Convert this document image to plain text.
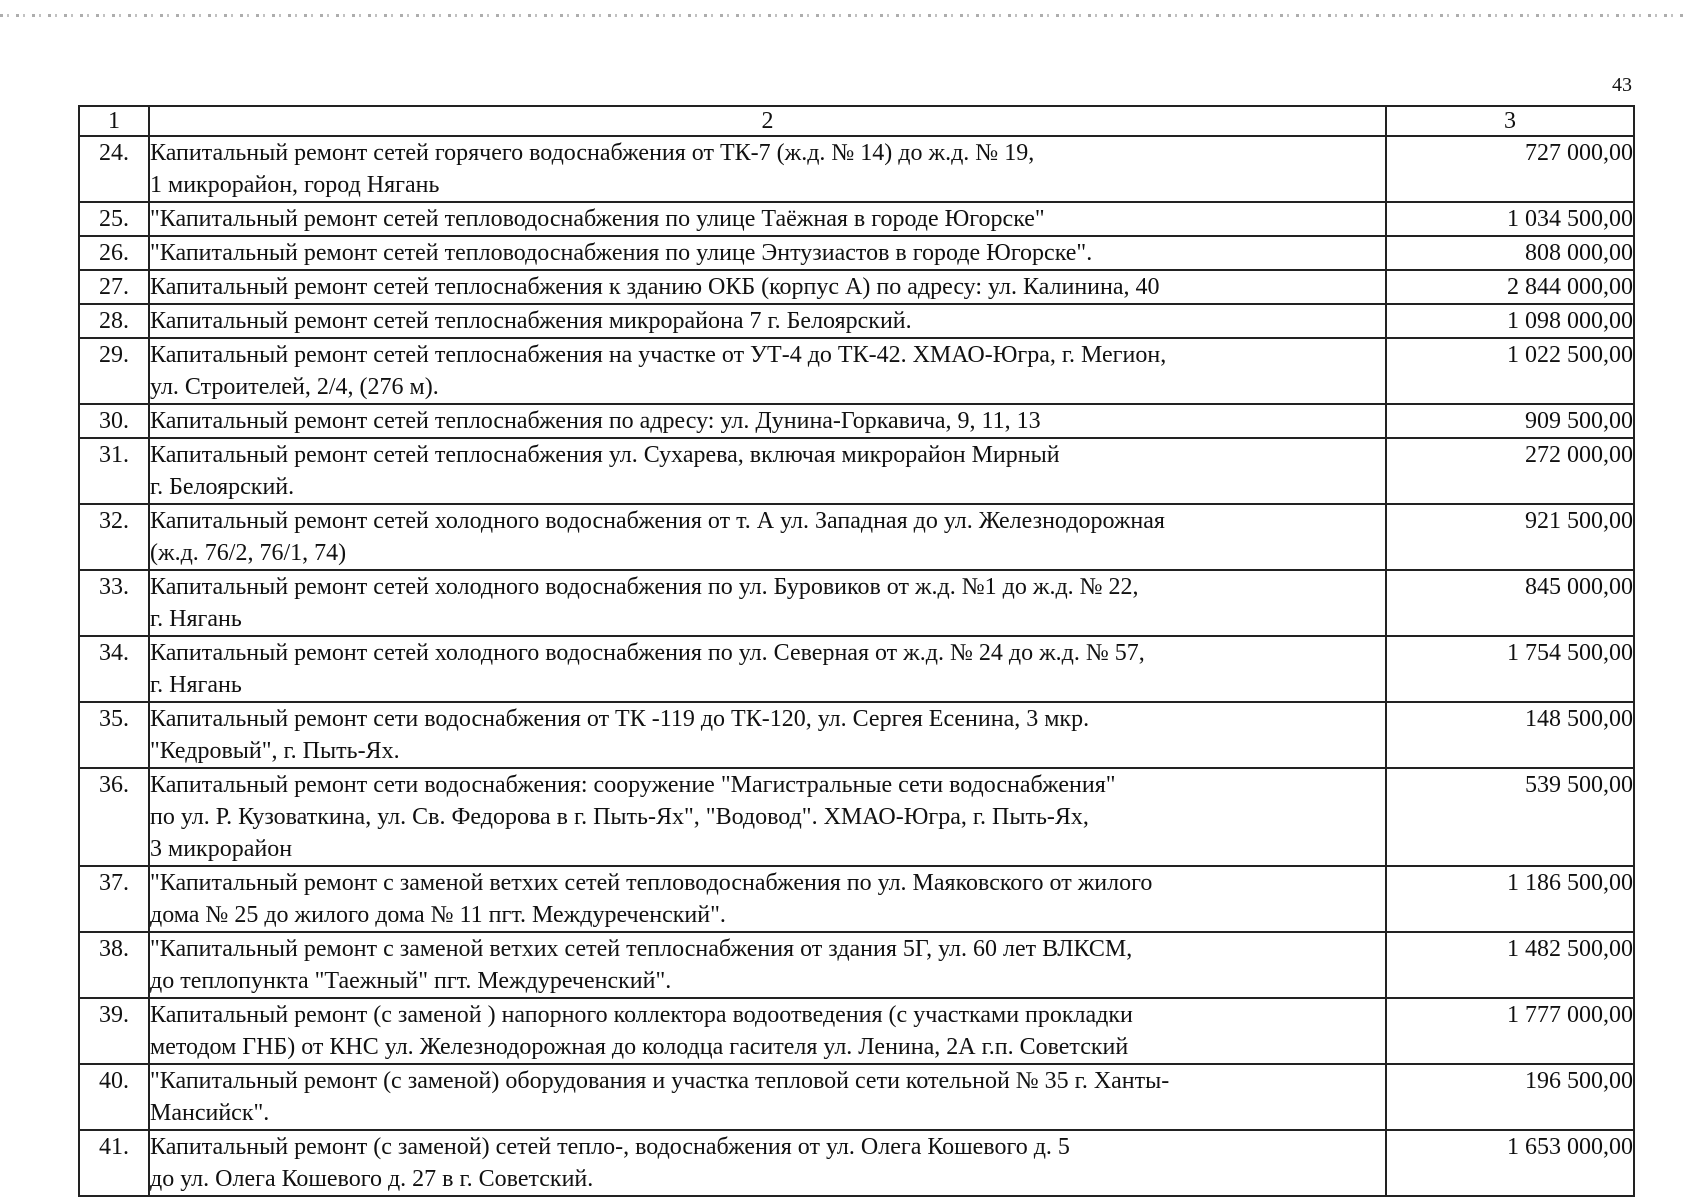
43
1	2	3
24.	Капитальный ремонт сетей горячего водоснабжения от ТК-7 (ж.д. № 14) до ж.д. № 19,
1 микрорайон, город Нягань	727 000,00
25.	"Капитальный ремонт сетей тепловодоснабжения по улице Таёжная в городе Югорске"	1 034 500,00
26.	"Капитальный ремонт сетей тепловодоснабжения по улице Энтузиастов в городе Югорске".	808 000,00
27.	Капитальный ремонт сетей теплоснабжения к зданию ОКБ (корпус А) по адресу: ул. Калинина, 40	2 844 000,00
28.	Капитальный ремонт сетей теплоснабжения микрорайона 7 г. Белоярский.	1 098 000,00
29.	Капитальный ремонт сетей теплоснабжения на участке от УТ-4 до ТК-42. ХМАО-Югра, г. Мегион,
ул. Строителей, 2/4, (276 м).	1 022 500,00
30.	Капитальный ремонт сетей теплоснабжения по адресу: ул. Дунина-Горкавича, 9, 11, 13	909 500,00
31.	Капитальный ремонт сетей теплоснабжения ул. Сухарева, включая микрорайон Мирный
г. Белоярский.	272 000,00
32.	Капитальный ремонт сетей холодного водоснабжения от т. А ул. Западная до ул. Железнодорожная
(ж.д. 76/2, 76/1, 74)	921 500,00
33.	Капитальный ремонт сетей холодного водоснабжения по ул. Буровиков от ж.д. №1 до ж.д. № 22,
г. Нягань	845 000,00
34.	Капитальный ремонт сетей холодного водоснабжения по ул. Северная от ж.д. № 24 до ж.д. № 57,
г. Нягань	1 754 500,00
35.	Капитальный ремонт сети водоснабжения от ТК -119 до ТК-120, ул. Сергея Есенина, 3 мкр.
"Кедровый", г. Пыть-Ях.	148 500,00
36.	Капитальный ремонт сети водоснабжения: сооружение "Магистральные сети водоснабжения"
по ул. Р. Кузоваткина, ул. Св. Федорова в г. Пыть-Ях", "Водовод". ХМАО-Югра, г. Пыть-Ях,
3 микрорайон	539 500,00
37.	"Капитальный ремонт с заменой ветхих сетей тепловодоснабжения по ул. Маяковского от жилого
дома № 25 до жилого дома № 11 пгт. Междуреченский".	1 186 500,00
38.	"Капитальный ремонт с заменой ветхих сетей теплоснабжения от здания 5Г, ул. 60 лет ВЛКСМ,
до теплопункта "Таежный" пгт. Междуреченский".	1 482 500,00
39.	Капитальный ремонт (с заменой ) напорного коллектора водоотведения (с участками прокладки
методом ГНБ) от КНС ул. Железнодорожная до колодца гасителя ул. Ленина, 2А г.п. Советский	1 777 000,00
40.	"Капитальный ремонт (с заменой) оборудования и участка тепловой сети котельной № 35 г. Ханты-
Мансийск".	196 500,00
41.	Капитальный ремонт (с заменой) сетей тепло-, водоснабжения от ул. Олега Кошевого д. 5
до ул. Олега Кошевого д. 27 в г. Советский.	1 653 000,00
